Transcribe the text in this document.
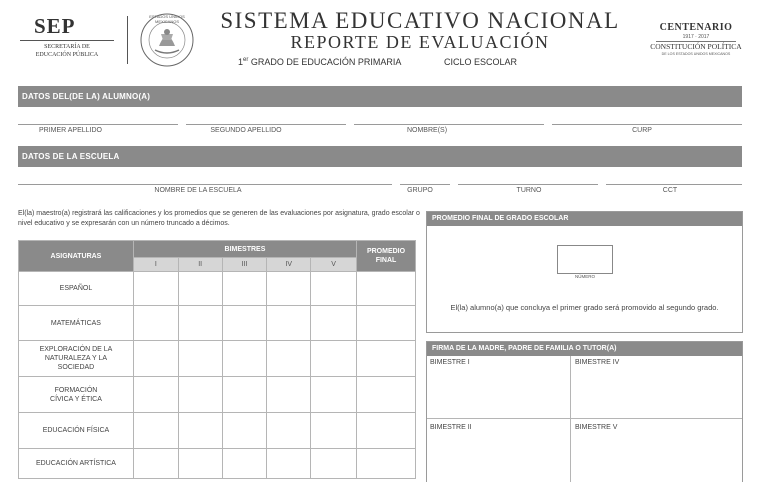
SEP
SECRETARÍA DE
EDUCACIÓN PÚBLICA
ESTADOS UNIDOS MEXICANOS	SISTEMA EDUCATIVO NACIONAL
REPORTE DE EVALUACIÓN
1er GRADO DE EDUCACIÓN PRIMARIA	CICLO ESCOLAR
CENTENARIO
1917 · 2017
CONSTITUCIÓN POLÍTICA
DE LOS ESTADOS UNIDOS MEXICANOS
DATOS DEL(DE LA) ALUMNO(A)
PRIMER APELLIDO	SEGUNDO APELLIDO	NOMBRE(S)	CURP
DATOS DE LA ESCUELA
NOMBRE DE LA ESCUELA	GRUPO	TURNO	CCT
El(la) maestro(a) registrará las calificaciones y los promedios que se generen de las evaluaciones por asignatura, grado escolar o nivel educativo y se expresarán con un número truncado a décimos.
ASIGNATURAS	BIMESTRES					PROMEDIO FINAL
	I	II	III	IV	V	
ESPAÑOL						
MATEMÁTICAS						
EXPLORACIÓN DE LA NATURALEZA Y LA SOCIEDAD						
FORMACIÓN CÍVICA Y ÉTICA						
EDUCACIÓN FÍSICA						
EDUCACIÓN ARTÍSTICA						
PROMEDIO FINAL DE GRADO ESCOLAR
NÚMERO
El(la) alumno(a) que concluya el primer grado será promovido al segundo grado.
FIRMA DE LA MADRE, PADRE DE FAMILIA O TUTOR(A)
BIMESTRE I	BIMESTRE IV
BIMESTRE II	BIMESTRE V
